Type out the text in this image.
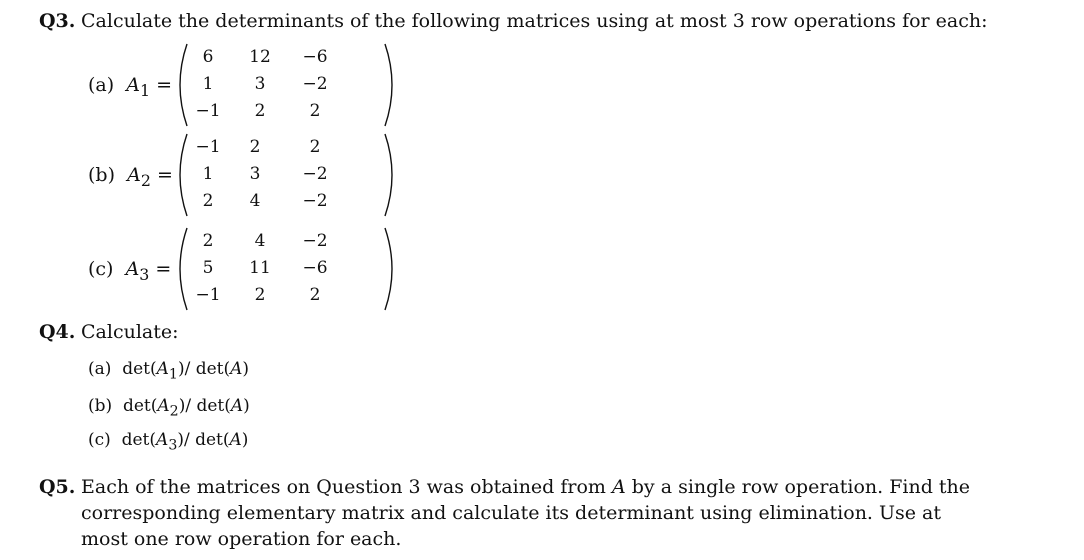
Q3. Calculate the determinants of the following matrices using at most 3 row operations for each:
(a) $A_1$ =
6	12	−6
1	3	−2
−1	2	2
(b) $A_2$ =
−1	2	2
1	3	−2
2	4	−2
(c) $A_3$ =
2	4	−2
5	11	−6
−1	2	2
Q4. Calculate:
(a) $\det(A_1)/$ det(A)
(b) $\det(A_2)/$ det(A)
(c) $\det(A_3)/$ det(A)
Q5. Each of the matrices on Question 3 was obtained from A by a single row operation. Find the corresponding elementary matrix and calculate its determinant using elimination. Use at most one row operation for each.
